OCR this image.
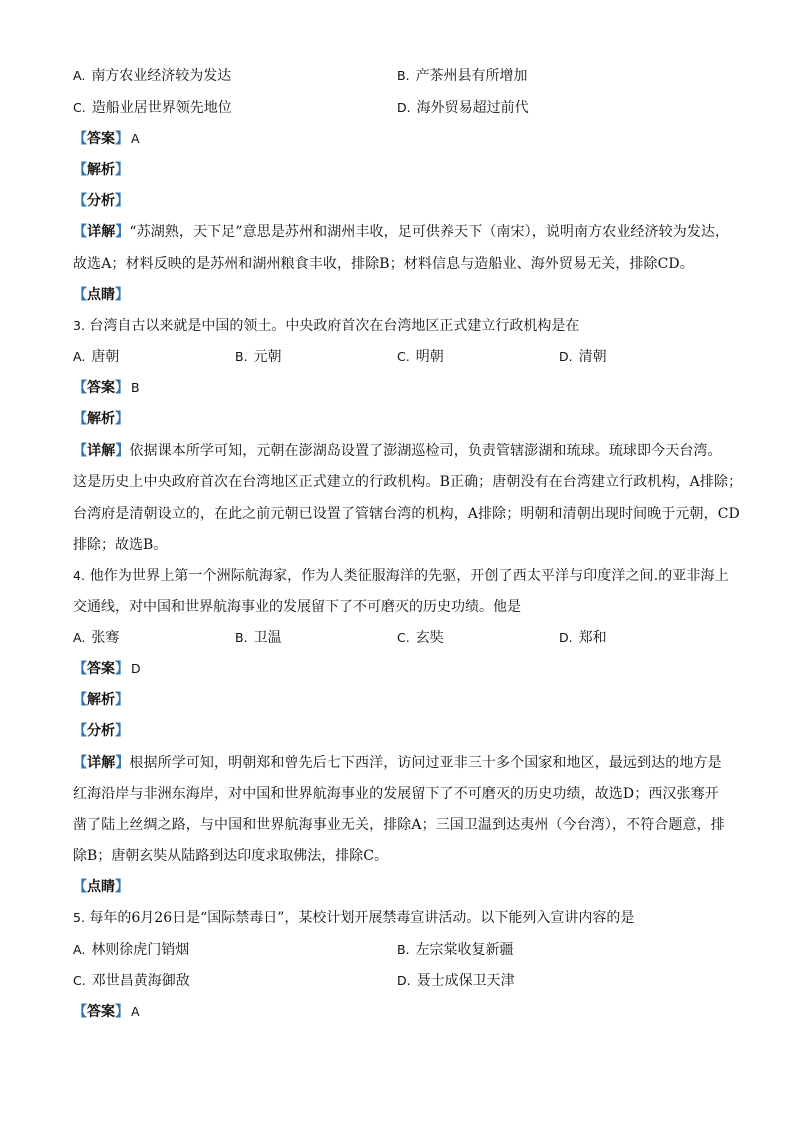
A. 南方农业经济较为发达	B. 产茶州县有所增加
C. 造船业居世界领先地位	D. 海外贸易超过前代
【答案】 A
【解析】
【分析】
【详解】“苏湖熟，天下足”意思是苏州和湖州丰收，足可供养天下（南宋），说明南方农业经济较为发达，
故选A；材料反映的是苏州和湖州粮食丰收，排除B；材料信息与造船业、海外贸易无关，排除CD。
【点睛】
3. 台湾自古以来就是中国的领土。中央政府首次在台湾地区正式建立行政机构是在
A. 唐朝	B. 元朝	C. 明朝	D. 清朝
【答案】 B
【解析】
【详解】依据课本所学可知，元朝在澎湖岛设置了澎湖巡检司，负责管辖澎湖和琉球。琉球即今天台湾。
这是历史上中央政府首次在台湾地区正式建立的行政机构。B正确；唐朝没有在台湾建立行政机构，A排除；
台湾府是清朝设立的，在此之前元朝已设置了管辖台湾的机构，A排除；明朝和清朝出现时间晚于元朝，CD
排除；故选B。
4. 他作为世界上第一个洲际航海家，作为人类征服海洋的先驱，开创了西太平洋与印度洋之间.的亚非海上
交通线，对中国和世界航海事业的发展留下了不可磨灭的历史功绩。他是
A. 张骞	B. 卫温	C. 玄奘	D. 郑和
【答案】 D
【解析】
【分析】
【详解】根据所学可知，明朝郑和曾先后七下西洋，访问过亚非三十多个国家和地区，最远到达的地方是
红海沿岸与非洲东海岸，对中国和世界航海事业的发展留下了不可磨灭的历史功绩，故选D；西汉张骞开
凿了陆上丝绸之路，与中国和世界航海事业无关，排除A；三国卫温到达夷州（今台湾），不符合题意，排
除B；唐朝玄奘从陆路到达印度求取佛法，排除C。
【点睛】
5. 每年的6月26日是“国际禁毒日”，某校计划开展禁毒宣讲活动。以下能列入宣讲内容的是
A. 林则徐虎门销烟	B. 左宗棠收复新疆
C. 邓世昌黄海御敌	D. 聂士成保卫天津
【答案】 A
